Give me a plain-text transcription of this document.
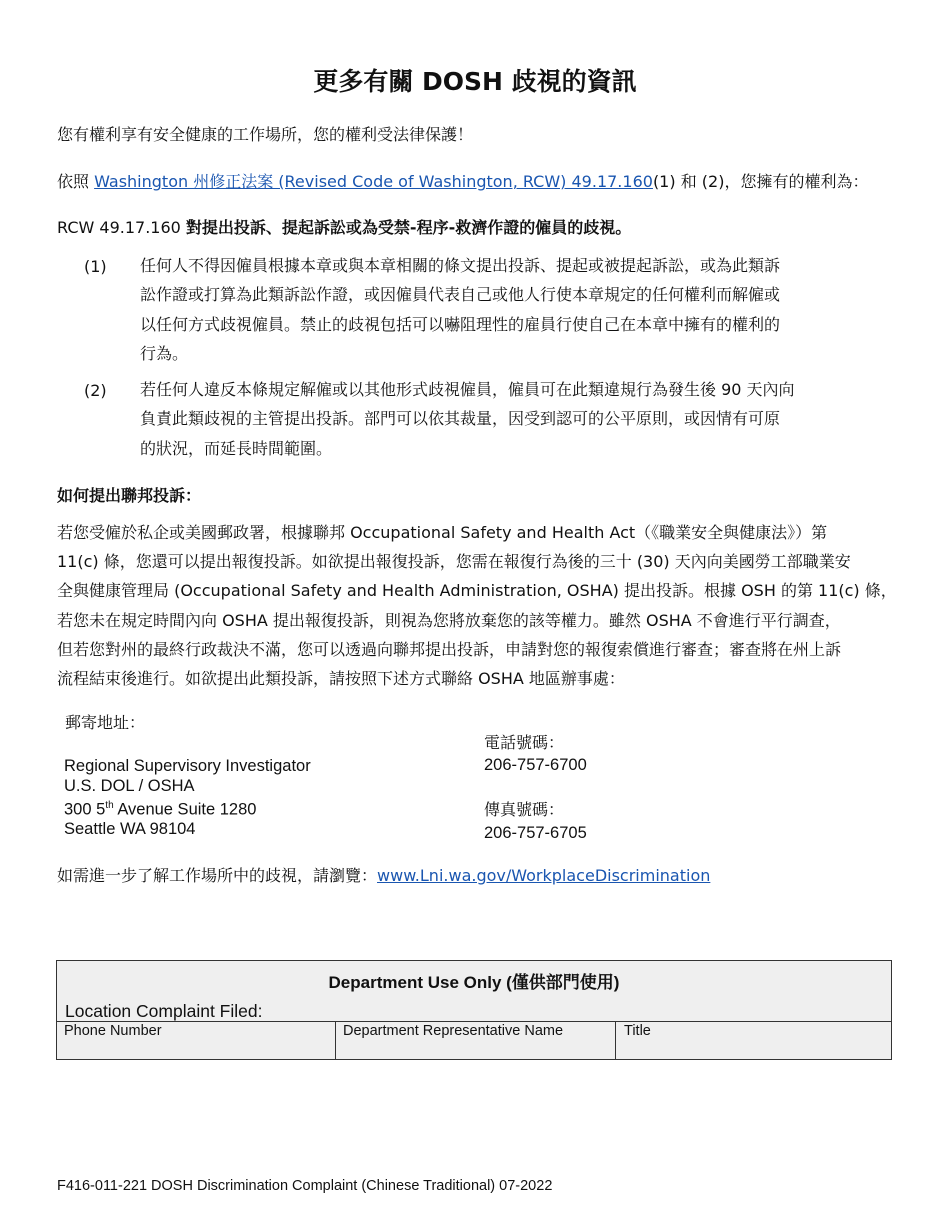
更多有關 DOSH 歧視的資訊
您有權利享有安全健康的工作場所，您的權利受法律保護！
依照 Washington 州修正法案 (Revised Code of Washington, RCW) 49.17.160(1) 和 (2)，您擁有的權利為：
RCW 49.17.160 對提出投訴、提起訴訟或為受禁-程序-救濟作證的僱員的歧視。
(1) 任何人不得因僱員根據本章或與本章相關的條文提出投訴、提起或被提起訴訟，或為此類訴
訟作證或打算為此類訴訟作證，或因僱員代表自己或他人行使本章規定的任何權利而解僱或
以任何方式歧視僱員。禁止的歧視包括可以嚇阻理性的雇員行使自己在本章中擁有的權利的
行為。
(2) 若任何人違反本條規定解僱或以其他形式歧視僱員，僱員可在此類違規行為發生後 90 天內向
負責此類歧視的主管提出投訴。部門可以依其裁量，因受到認可的公平原則，或因情有可原
的狀況，而延長時間範圍。
如何提出聯邦投訴：
若您受僱於私企或美國郵政署，根據聯邦 Occupational Safety and Health Act（《職業安全與健康法》）第
11(c) 條，您還可以提出報復投訴。如欲提出報復投訴，您需在報復行為後的三十 (30) 天內向美國勞工部職業安
全與健康管理局 (Occupational Safety and Health Administration, OSHA) 提出投訴。根據 OSH 的第 11(c) 條，
若您未在規定時間內向 OSHA 提出報復投訴，則視為您將放棄您的該等權力。雖然 OSHA 不會進行平行調查，
但若您對州的最終行政裁決不滿，您可以透過向聯邦提出投訴，申請對您的報復索償進行審查；審查將在州上訴
流程結束後進行。如欲提出此類投訴，請按照下述方式聯絡 OSHA 地區辦事處：
郵寄地址：
Regional Supervisory Investigator
U.S. DOL / OSHA
300 5th Avenue Suite 1280
Seattle WA 98104
電話號碼：
206-757-6700
傳真號碼：
206-757-6705
如需進一步了解工作場所中的歧視，請瀏覽：www.Lni.wa.gov/WorkplaceDiscrimination
Department Use Only (僅供部門使用)
Location Complaint Filed:
Phone Number	Department Representative Name	Title
F416-011-221 DOSH Discrimination Complaint (Chinese Traditional) 07-2022
